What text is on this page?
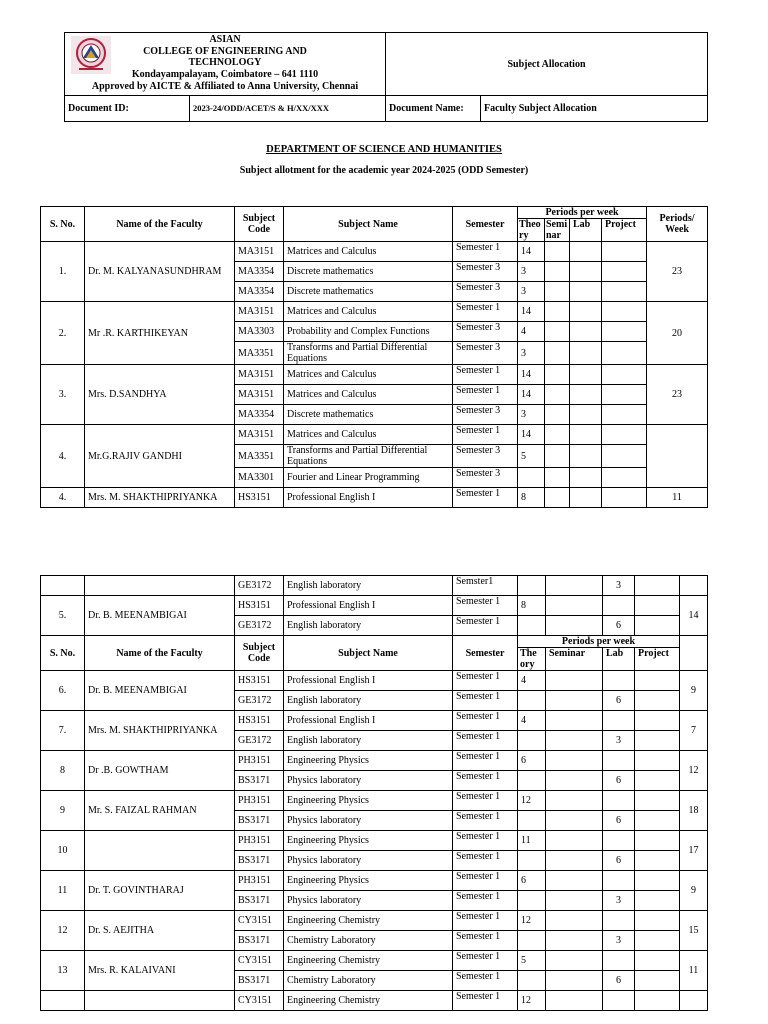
ASIAN
COLLEGE OF ENGINEERING AND
TECHNOLOGY
Kondayampalayam, Coimbatore – 641 1110
Approved by AICTE & Affiliated to Anna University, Chennai		Subject Allocation	
Document ID:	2023-24/ODD/ACET/S & H/XX/XXX	Document Name:	Faculty Subject Allocation
DEPARTMENT OF SCIENCE AND HUMANITIES
Subject allotment for the academic year 2024-2025 (ODD Semester)
S. No.	Name of the Faculty	Subject Code	Subject Name	Semester	Periods per week				Periods/ Week
					Theory	Seminar	Lab	Project	
1.	Dr. M. KALYANASUNDHRAM	MA3151	Matrices and Calculus	Semester 1	14				23
		MA3354	Discrete mathematics	Semester 3	3				
		MA3354	Discrete mathematics	Semester 3	3				
2.	Mr .R. KARTHIKEYAN	MA3151	Matrices and Calculus	Semester 1	14				20
		MA3303	Probability and Complex Functions	Semester 3	4				
		MA3351	Transforms and Partial Differential Equations	Semester 3	3				
3.	Mrs. D.SANDHYA	MA3151	Matrices and Calculus	Semester 1	14				23
		MA3151	Matrices and Calculus	Semester 1	14				
		MA3354	Discrete mathematics	Semester 3	3				
4.	Mr.G.RAJIV GANDHI	MA3151	Matrices and Calculus	Semester 1	14				
		MA3351	Transforms and Partial Differential Equations	Semester 3	5				
		MA3301	Fourier and Linear Programming	Semester 3					
4.	Mrs. M. SHAKTHIPRIYANKA	HS3151	Professional English I	Semester 1	8				11
		GE3172	English laboratory	Semster1			3		
5.	Dr. B. MEENAMBIGAI	HS3151	Professional English I	Semester 1	8				14
		GE3172	English laboratory	Semester 1			6		
S. No.	Name of the Faculty	Subject Code	Subject Name	Semester	Periods per week				
					The ory	Seminar	Lab	Project	
6.	Dr. B. MEENAMBIGAI	HS3151	Professional English I	Semester 1	4				9
		GE3172	English laboratory	Semester 1			6		
7.	Mrs. M. SHAKTHIPRIYANKA	HS3151	Professional English I	Semester 1	4				7
		GE3172	English laboratory	Semester 1			3		
8	Dr .B. GOWTHAM	PH3151	Engineering Physics	Semester 1	6				12
		BS3171	Physics laboratory	Semester 1			6		
9	Mr. S. FAIZAL RAHMAN	PH3151	Engineering Physics	Semester 1	12				18
		BS3171	Physics laboratory	Semester 1			6		
10		PH3151	Engineering Physics	Semester 1	11				17
		BS3171	Physics laboratory	Semester 1			6		
11	Dr. T. GOVINTHARAJ	PH3151	Engineering Physics	Semester 1	6				9
		BS3171	Physics laboratory	Semester 1			3		
12	Dr. S. AEJITHA	CY3151	Engineering Chemistry	Semester 1	12				15
		BS3171	Chemistry Laboratory	Semester 1			3		
13	Mrs. R. KALAIVANI	CY3151	Engineering Chemistry	Semester 1	5				11
		BS3171	Chemistry Laboratory	Semester 1			6		
		CY3151	Engineering Chemistry	Semester 1	12				
